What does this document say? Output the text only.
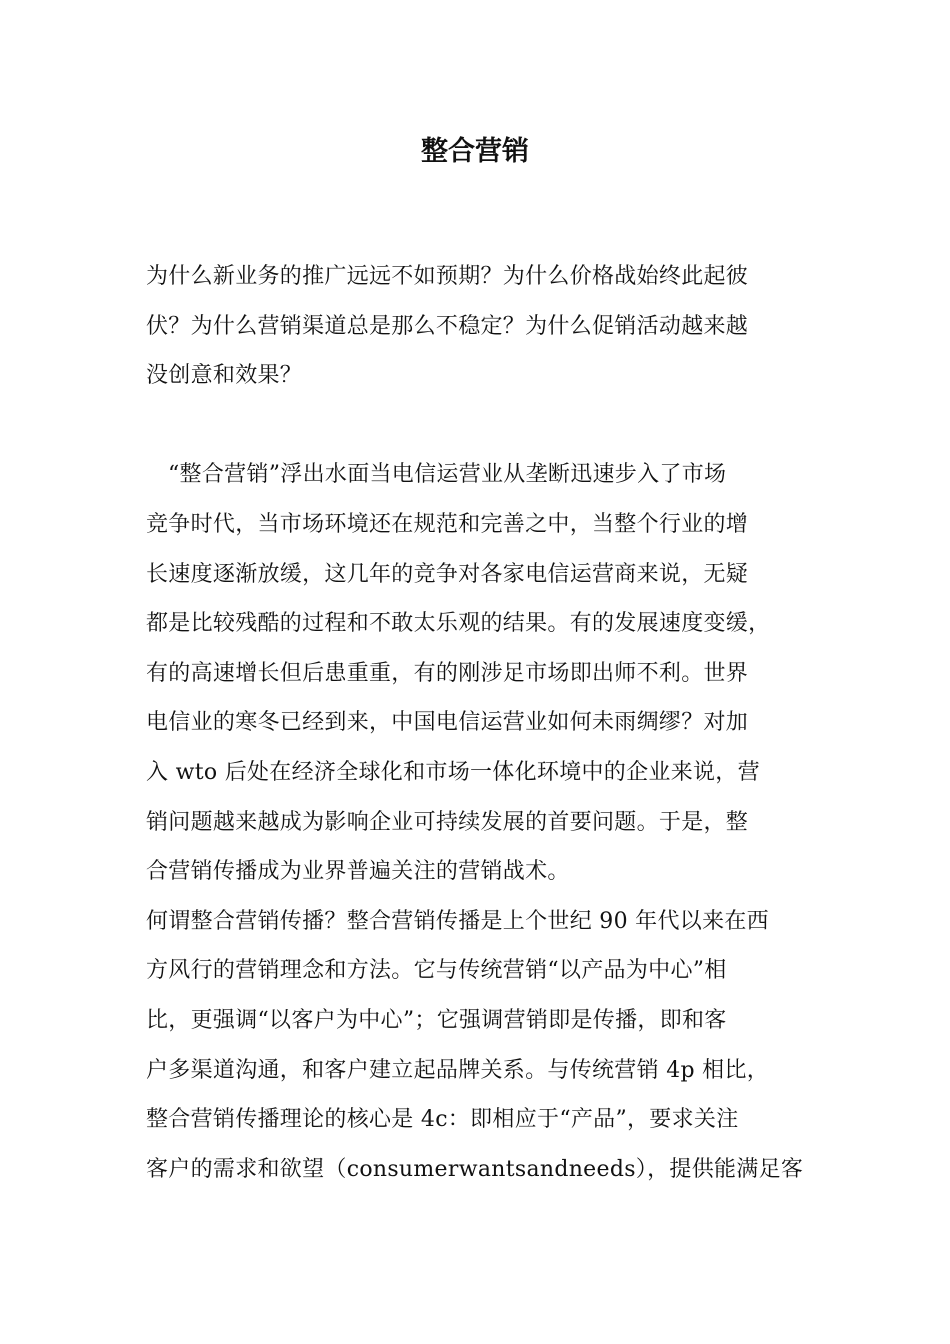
整合营销
为什么新业务的推广远远不如预期？为什么价格战始终此起彼
伏？为什么营销渠道总是那么不稳定？为什么促销活动越来越
没创意和效果？
“整合营销”浮出水面当电信运营业从垄断迅速步入了市场
竞争时代，当市场环境还在规范和完善之中，当整个行业的增
长速度逐渐放缓，这几年的竞争对各家电信运营商来说，无疑
都是比较残酷的过程和不敢太乐观的结果。有的发展速度变缓，
有的高速增长但后患重重，有的刚涉足市场即出师不利。世界
电信业的寒冬已经到来，中国电信运营业如何未雨绸缪？对加
入 wto 后处在经济全球化和市场一体化环境中的企业来说，营
销问题越来越成为影响企业可持续发展的首要问题。于是，整
合营销传播成为业界普遍关注的营销战术。
何谓整合营销传播？整合营销传播是上个世纪 90 年代以来在西
方风行的营销理念和方法。它与传统营销“以产品为中心”相
比，更强调“以客户为中心”；它强调营销即是传播，即和客
户多渠道沟通，和客户建立起品牌关系。与传统营销 4p 相比，
整合营销传播理论的核心是 4c：即相应于“产品”，要求关注
客户的需求和欲望（consumerwantsandneeds），提供能满足客
